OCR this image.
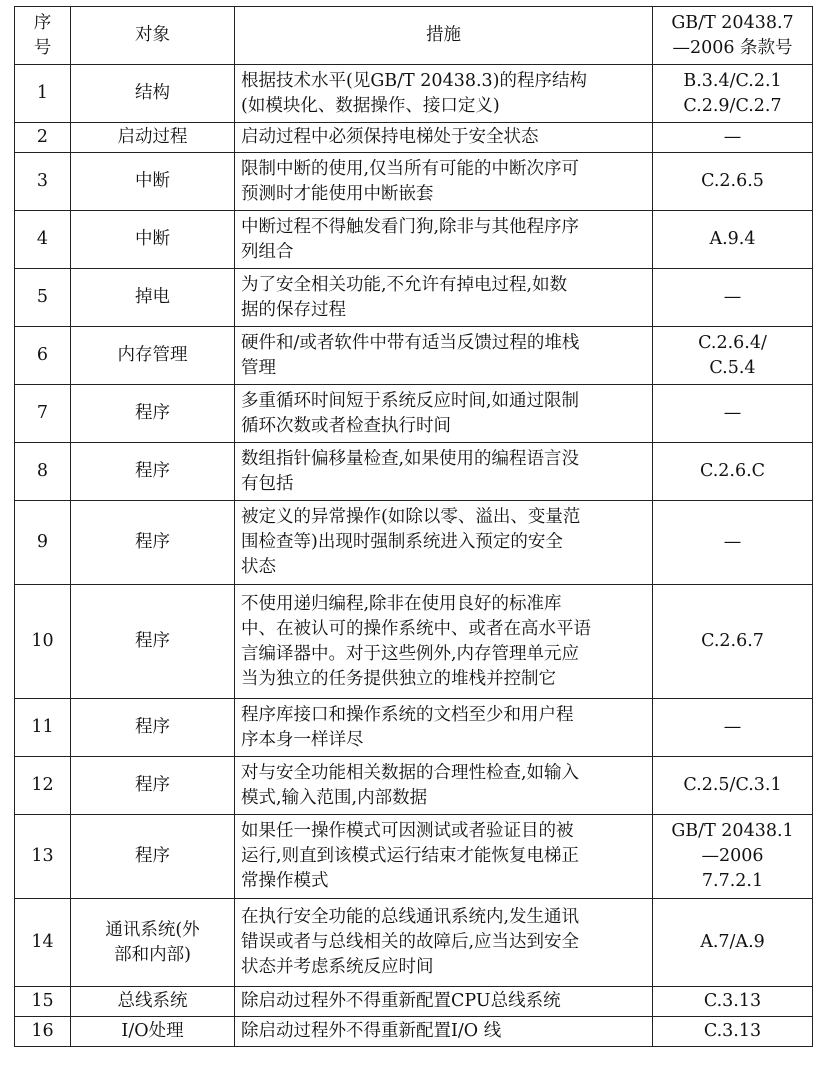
序
号	对象	措施	GB/T 20438.7
—2006 条款号

1	结构	根据技术水平(见GB/T 20438.3)的程序结构
(如模块化、数据操作、接口定义)	B.3.4/C.2.1
C.2.9/C.2.7

2	启动过程	启动过程中必须保持电梯处于安全状态	—

3	中断	限制中断的使用,仅当所有可能的中断次序可
预测时才能使用中断嵌套	C.2.6.5

4	中断	中断过程不得触发看门狗,除非与其他程序序
列组合	A.9.4

5	掉电	为了安全相关功能,不允许有掉电过程,如数
据的保存过程	—

6	内存管理	硬件和/或者软件中带有适当反馈过程的堆栈
管理	C.2.6.4/
C.5.4

7	程序	多重循环时间短于系统反应时间,如通过限制
循环次数或者检查执行时间	—

8	程序	数组指针偏移量检查,如果使用的编程语言没
有包括	C.2.6.C

9	程序	被定义的异常操作(如除以零、溢出、变量范
围检查等)出现时强制系统进入预定的安全
状态	—

10	程序	不使用递归编程,除非在使用良好的标准库
中、在被认可的操作系统中、或者在高水平语
言编译器中。对于这些例外,内存管理单元应
当为独立的任务提供独立的堆栈并控制它	C.2.6.7

11	程序	程序库接口和操作系统的文档至少和用户程
序本身一样详尽	—

12	程序	对与安全功能相关数据的合理性检查,如输入
模式,输入范围,内部数据	C.2.5/C.3.1

13	程序	如果任一操作模式可因测试或者验证目的被
运行,则直到该模式运行结束才能恢复电梯正
常操作模式	GB/T 20438.1
—2006
7.7.2.1

14	通讯系统(外
部和内部)	在执行安全功能的总线通讯系统内,发生通讯
错误或者与总线相关的故障后,应当达到安全
状态并考虑系统反应时间	A.7/A.9

15	总线系统	除启动过程外不得重新配置CPU总线系统	C.3.13

16	I/O处理	除启动过程外不得重新配置I/O 线	C.3.13
